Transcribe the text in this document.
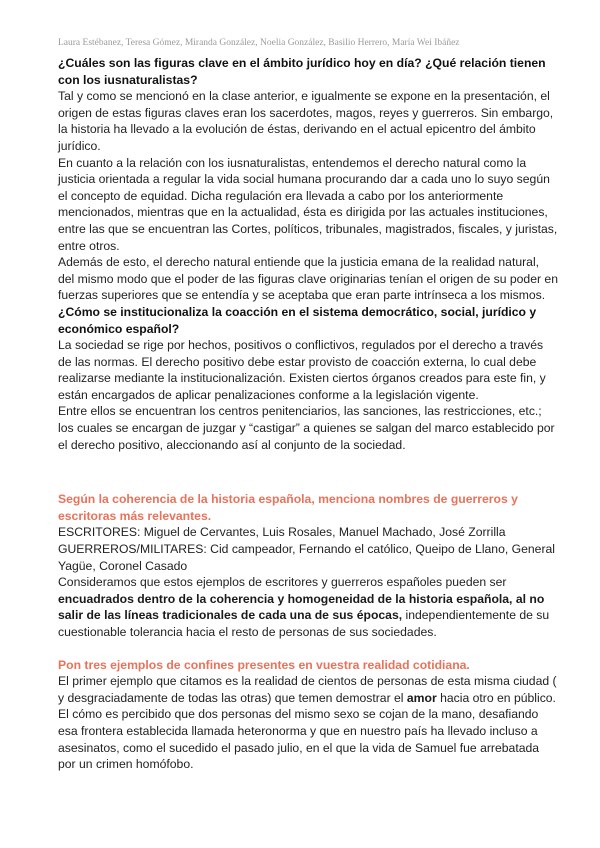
Laura Estébanez, Teresa Gómez, Miranda González, Noelia González, Basilio Herrero, María Wei Ibáñez

¿Cuáles son las figuras clave en el ámbito jurídico hoy en día? ¿Qué relación tienen con los iusnaturalistas?

Tal y como se mencionó en la clase anterior, e igualmente se expone en la presentación, el origen de estas figuras claves eran los sacerdotes, magos, reyes y guerreros. Sin embargo, la historia ha llevado a la evolución de éstas, derivando en el actual epicentro del ámbito jurídico.

En cuanto a la relación con los iusnaturalistas, entendemos el derecho natural como la justicia orientada a regular la vida social humana procurando dar a cada uno lo suyo según el concepto de equidad. Dicha regulación era llevada a cabo por los anteriormente mencionados, mientras que en la actualidad, ésta es dirigida por las actuales instituciones, entre las que se encuentran las Cortes, políticos, tribunales, magistrados, fiscales, y juristas, entre otros.

Además de esto, el derecho natural entiende que la justicia emana de la realidad natural, del mismo modo que el poder de las figuras clave originarias tenían el origen de su poder en fuerzas superiores que se entendía y se aceptaba que eran parte intrínseca a los mismos.

¿Cómo se institucionaliza la coacción en el sistema democrático, social, jurídico y económico español?

La sociedad se rige por hechos, positivos o conflictivos, regulados por el derecho a través de las normas. El derecho positivo debe estar provisto de coacción externa, lo cual debe realizarse mediante la institucionalización. Existen ciertos órganos creados para este fin, y están encargados de aplicar penalizaciones conforme a la legislación vigente.

Entre ellos se encuentran los centros penitenciarios, las sanciones, las restricciones, etc.; los cuales se encargan de juzgar y “castigar” a quienes se salgan del marco establecido por el derecho positivo, aleccionando así al conjunto de la sociedad.

Según la coherencia de la historia española, menciona nombres de guerreros y escritoras más relevantes.

ESCRITORES: Miguel de Cervantes, Luis Rosales, Manuel Machado, José Zorrilla

GUERREROS/MILITARES: Cid campeador, Fernando el católico, Queipo de Llano, General Yagüe, Coronel Casado

Consideramos que estos ejemplos de escritores y guerreros españoles pueden ser encuadrados dentro de la coherencia y homogeneidad de la historia española, al no salir de las líneas tradicionales de cada una de sus épocas, independientemente de su cuestionable tolerancia hacia el resto de personas de sus sociedades.

Pon tres ejemplos de confines presentes en vuestra realidad cotidiana.

El primer ejemplo que citamos es la realidad de cientos de personas de esta misma ciudad ( y desgraciadamente de todas las otras) que temen demostrar el amor hacia otro en público. El cómo es percibido que dos personas del mismo sexo se cojan de la mano, desafiando esa frontera establecida llamada heteronorma y que en nuestro país ha llevado incluso a asesinatos, como el sucedido el pasado julio, en el que la vida de Samuel fue arrebatada por un crimen homófobo.
